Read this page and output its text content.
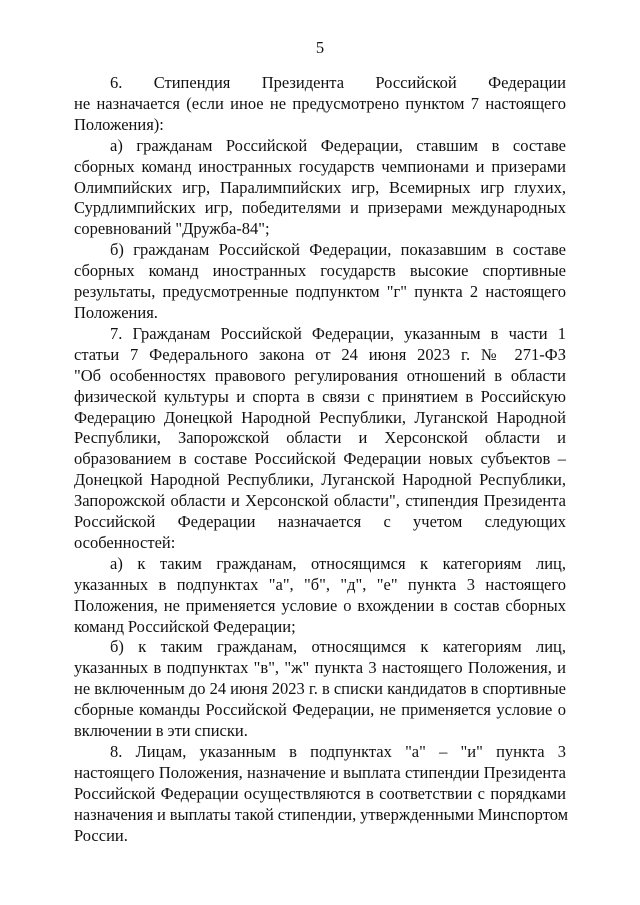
5
6. Стипендия Президента Российской Федерации
не назначается (если иное не предусмотрено пунктом 7 настоящего
Положения):
а) гражданам Российской Федерации, ставшим в составе
сборных команд иностранных государств чемпионами и призерами
Олимпийских игр, Паралимпийских игр, Всемирных игр глухих,
Сурдлимпийских игр, победителями и призерами международных
соревнований "Дружба-84";
б) гражданам Российской Федерации, показавшим в составе
сборных команд иностранных государств высокие спортивные
результаты, предусмотренные подпунктом "г" пункта 2 настоящего
Положения.
7. Гражданам Российской Федерации, указанным в части 1
статьи 7 Федерального закона от 24 июня 2023 г. № 271-ФЗ
"Об особенностях правового регулирования отношений в области
физической культуры и спорта в связи с принятием в Российскую
Федерацию Донецкой Народной Республики, Луганской Народной
Республики, Запорожской области и Херсонской области и
образованием в составе Российской Федерации новых субъектов –
Донецкой Народной Республики, Луганской Народной Республики,
Запорожской области и Херсонской области", стипендия Президента
Российской Федерации назначается с учетом следующих
особенностей:
а) к таким гражданам, относящимся к категориям лиц,
указанных в подпунктах "а", "б", "д", "е" пункта 3 настоящего
Положения, не применяется условие о вхождении в состав сборных
команд Российской Федерации;
б) к таким гражданам, относящимся к категориям лиц,
указанных в подпунктах "в", "ж" пункта 3 настоящего Положения, и
не включенным до 24 июня 2023 г. в списки кандидатов в спортивные
сборные команды Российской Федерации, не применяется условие о
включении в эти списки.
8. Лицам, указанным в подпунктах "а" – "и" пункта 3
настоящего Положения, назначение и выплата стипендии Президента
Российской Федерации осуществляются в соответствии с порядками
назначения и выплаты такой стипендии, утвержденными Минспортом
России.
